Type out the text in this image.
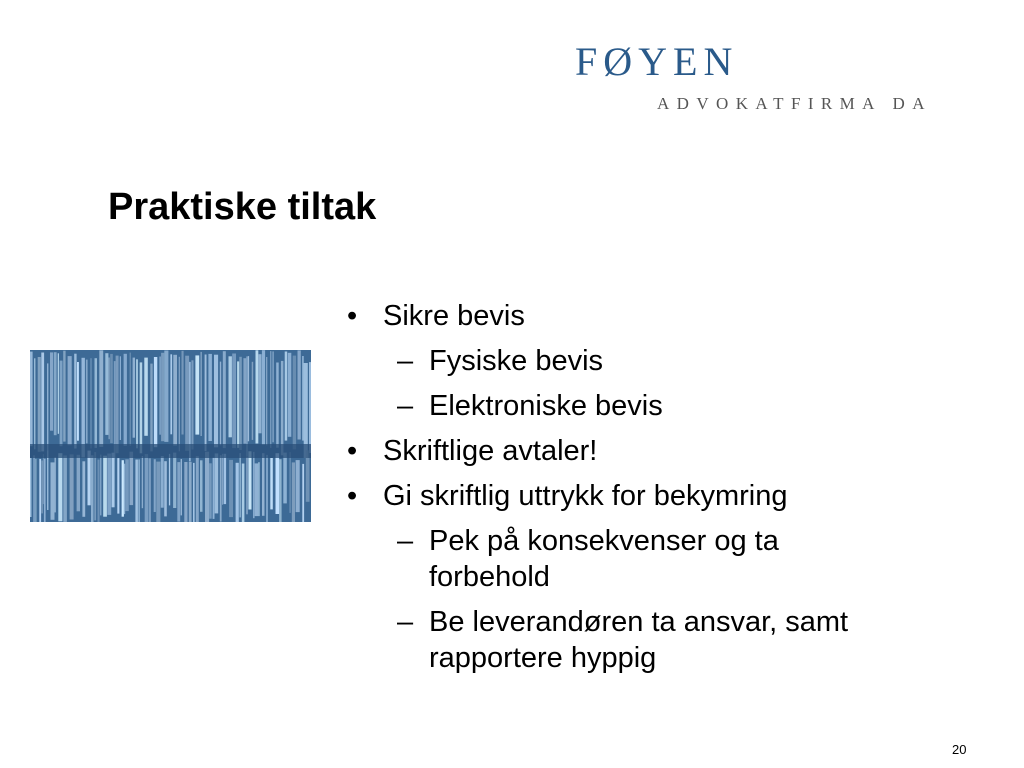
FØYEN
ADVOKATFIRMA DA
Praktiske tiltak
• Sikre bevis
– Fysiske bevis
– Elektroniske bevis
• Skriftlige avtaler!
• Gi skriftlig uttrykk for bekymring
– Pek på konsekvenser og ta forbehold
– Be leverandøren ta ansvar, samt rapportere hyppig
20
